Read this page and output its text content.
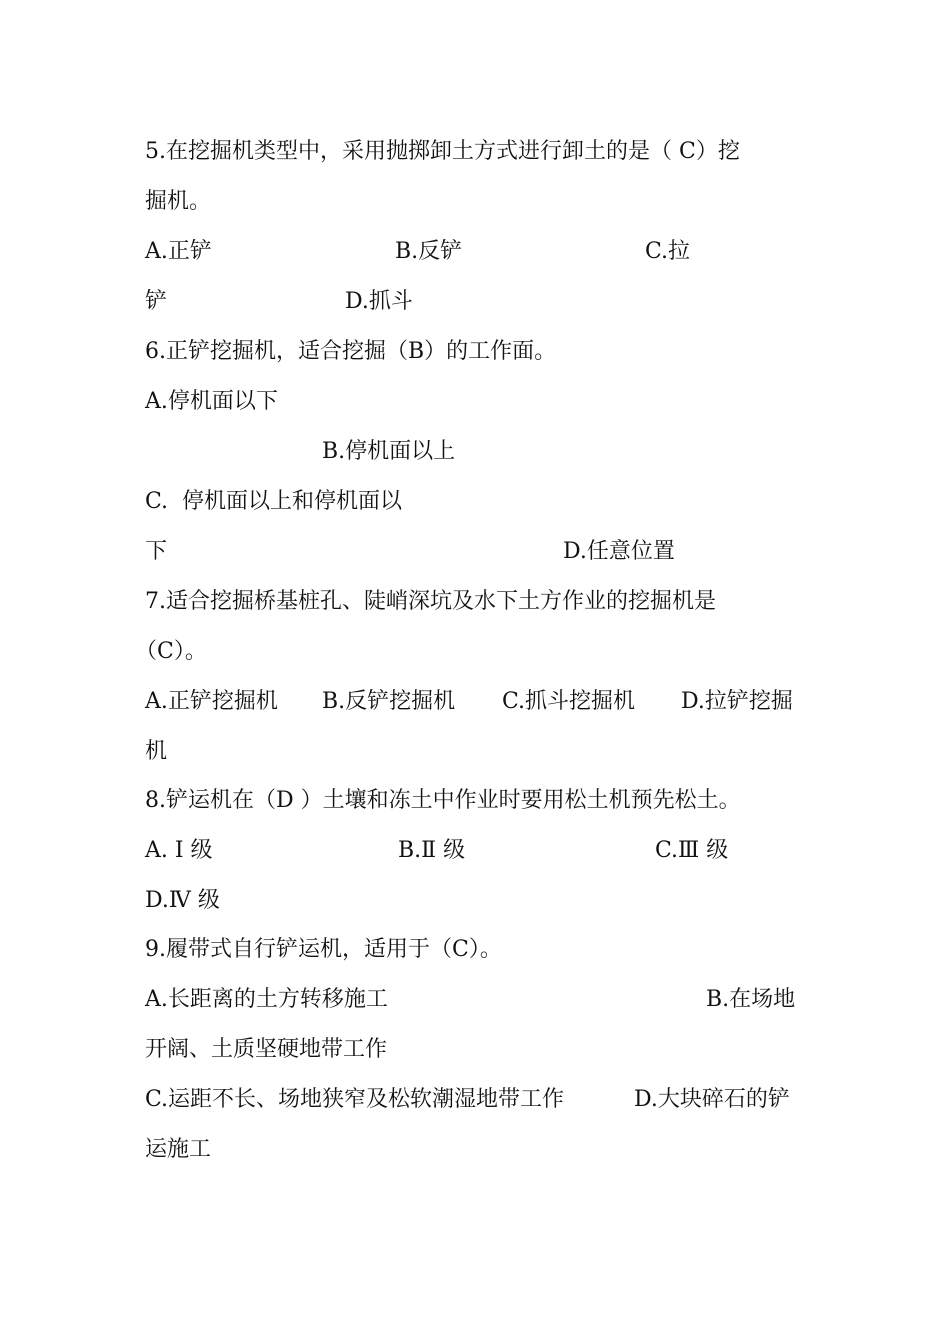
5.在挖掘机类型中，采用抛掷卸土方式进行卸土的是（ C）挖
掘机。
A.正铲	B.反铲	C.拉
铲	D.抓斗
6.正铲挖掘机，适合挖掘（B）的工作面。
A.停机面以下
B.停机面以上
C.  停机面以上和停机面以
下	D.任意位置
7.适合挖掘桥基桩孔、陡峭深坑及水下土方作业的挖掘机是
（C）。
A.正铲挖掘机 B.反铲挖掘机 C.抓斗挖掘机 D.拉铲挖掘
机
8.铲运机在（D ）土壤和冻土中作业时要用松土机预先松土。
A. Ⅰ 级	B.Ⅱ 级	C.Ⅲ 级
D.Ⅳ 级
9.履带式自行铲运机，适用于（C）。
A.长距离的土方转移施工	B.在场地
开阔、土质坚硬地带工作
C.运距不长、场地狭窄及松软潮湿地带工作	D.大块碎石的铲
运施工
